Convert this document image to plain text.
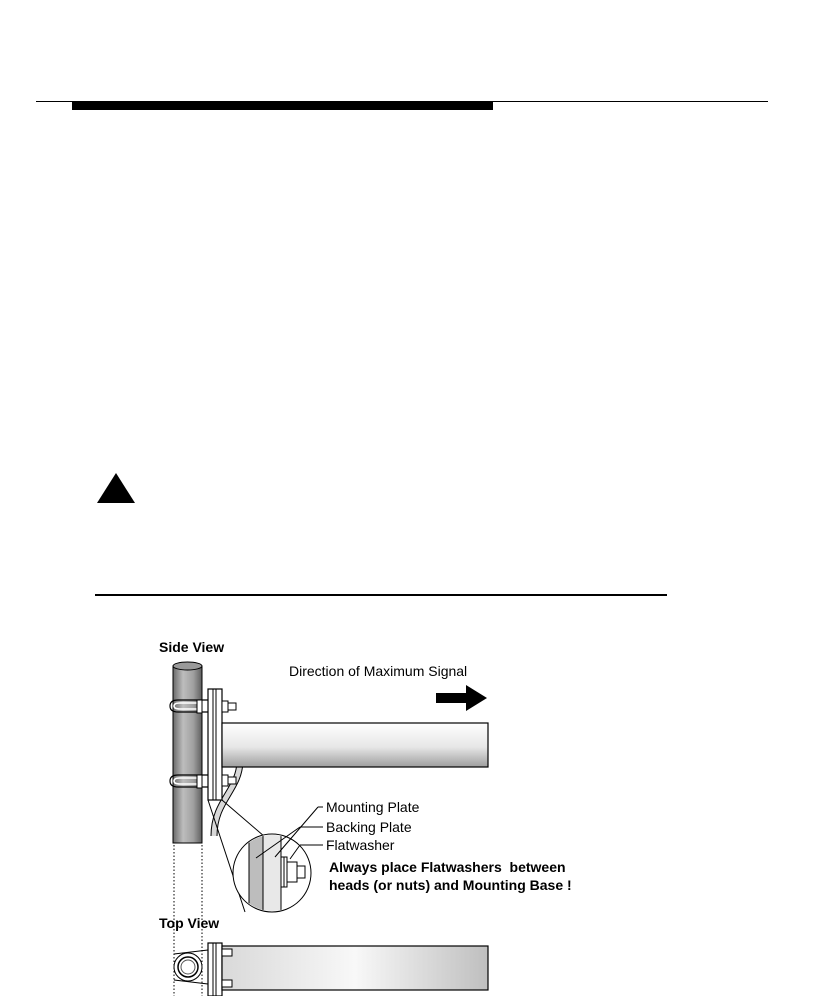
Side View
Direction of Maximum Signal
Mounting Plate
Backing Plate
Flatwasher
Always place Flatwashers  between
heads (or nuts) and Mounting Base !
Top View
